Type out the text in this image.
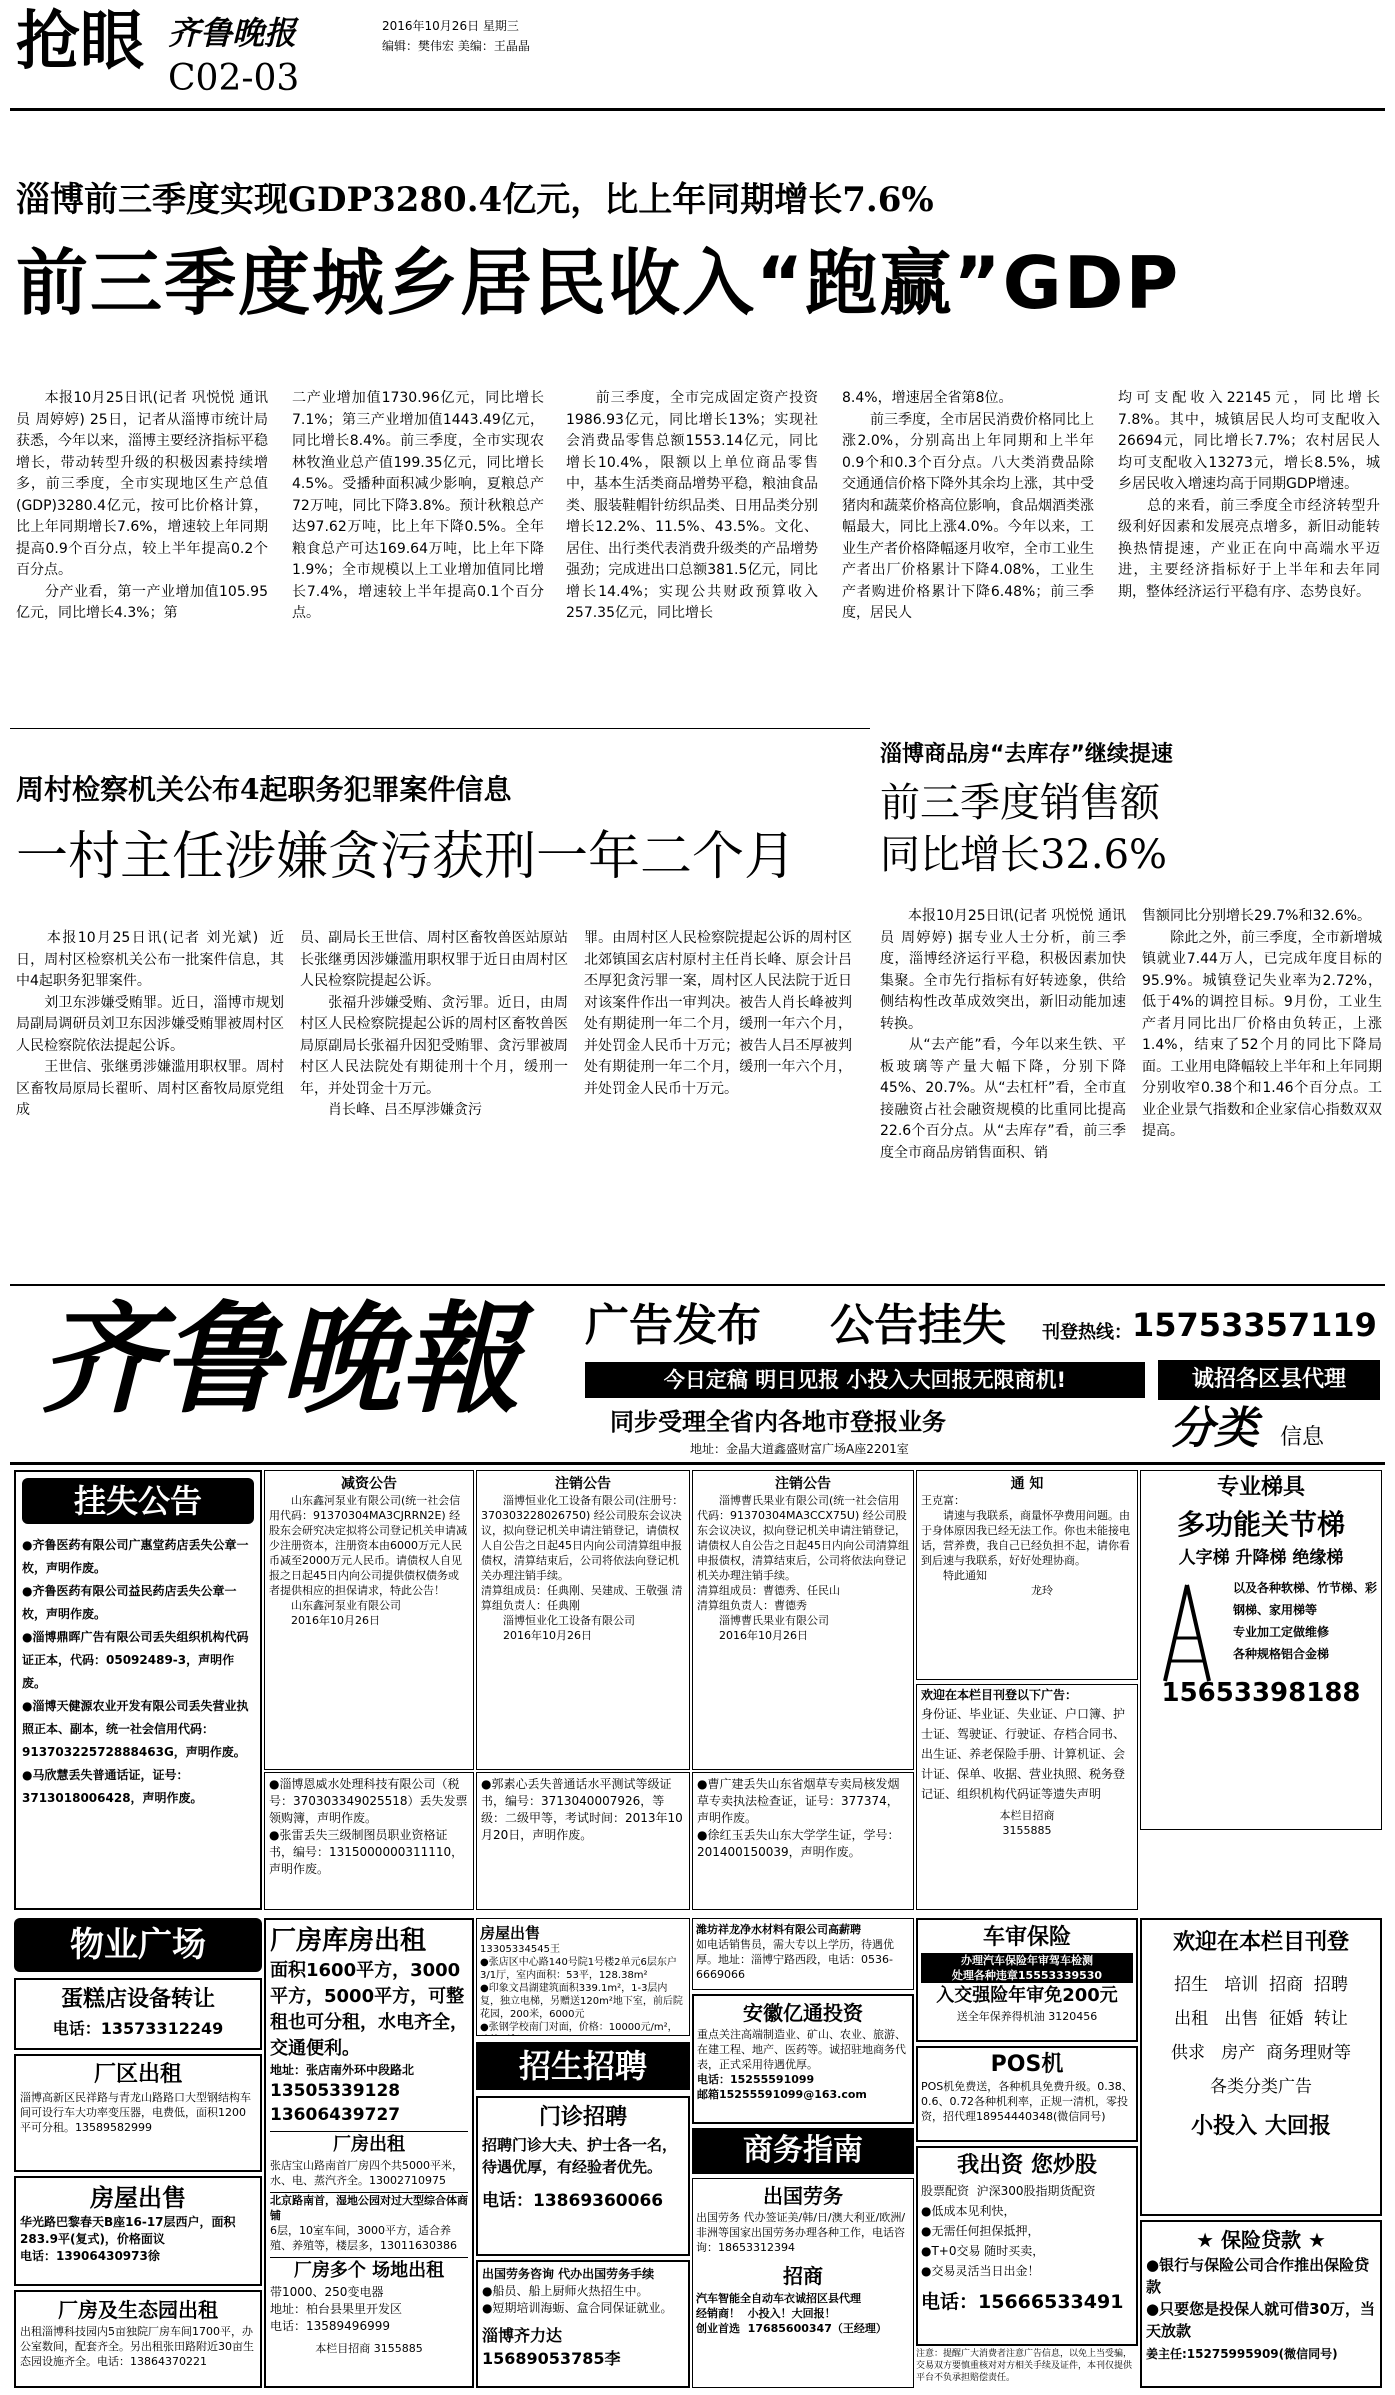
抢眼 齐鲁晚报	2016年10月26日 星期三
编辑：樊伟宏 美编：王晶晶
C02-03
淄博前三季度实现GDP3280.4亿元，比上年同期增长7.6%
前三季度城乡居民收入“跑赢”GDP
　　本报10月25日讯(记者 巩悦悦 通讯员 周婷婷) 25日，记者从淄博市统计局获悉，今年以来，淄博主要经济指标平稳增长，带动转型升级的积极因素持续增多，前三季度，全市实现地区生产总值(GDP)3280.4亿元，按可比价格计算，比上年同期增长7.6%，增速较上年同期提高0.9个百分点，较上半年提高0.2个百分点。
　　分产业看，第一产业增加值105.95亿元，同比增长4.3%；第
二产业增加值1730.96亿元，同比增长7.1%；第三产业增加值1443.49亿元，同比增长8.4%。前三季度，全市实现农林牧渔业总产值199.35亿元，同比增长4.5%。受播种面积减少影响，夏粮总产72万吨，同比下降3.8%。预计秋粮总产达97.62万吨，比上年下降0.5%。全年粮食总产可达169.64万吨，比上年下降1.9%；全市规模以上工业增加值同比增长7.4%，增速较上半年提高0.1个百分点。
　　前三季度，全市完成固定资产投资1986.93亿元，同比增长13%；实现社会消费品零售总额1553.14亿元，同比增长10.4%，限额以上单位商品零售中，基本生活类商品增势平稳，粮油食品类、服装鞋帽针纺织品类、日用品类分别增长12.2%、11.5%、43.5%。文化、居住、出行类代表消费升级类的产品增势强劲；完成进出口总额381.5亿元，同比增长14.4%；实现公共财政预算收入257.35亿元，同比增长
8.4%，增速居全省第8位。
　　前三季度，全市居民消费价格同比上涨2.0%，分别高出上年同期和上半年0.9个和0.3个百分点。八大类消费品除交通通信价格下降外其余均上涨，其中受猪肉和蔬菜价格高位影响，食品烟酒类涨幅最大，同比上涨4.0%。今年以来，工业生产者价格降幅逐月收窄，全市工业生产者出厂价格累计下降4.08%，工业生产者购进价格累计下降6.48%；前三季度，居民人
均可支配收入22145元，同比增长7.8%。其中，城镇居民人均可支配收入26694元，同比增长7.7%；农村居民人均可支配收入13273元，增长8.5%，城乡居民收入增速均高于同期GDP增速。
　　总的来看，前三季度全市经济转型升级利好因素和发展亮点增多，新旧动能转换热情提速，产业正在向中高端水平迈进，主要经济指标好于上半年和去年同期，整体经济运行平稳有序、态势良好。
周村检察机关公布4起职务犯罪案件信息
一村主任涉嫌贪污获刑一年二个月
　　本报10月25日讯(记者 刘光斌)  近日，周村区检察机关公布一批案件信息，其中4起职务犯罪案件。
　　刘卫东涉嫌受贿罪。近日，淄博市规划局副局调研员刘卫东因涉嫌受贿罪被周村区人民检察院依法提起公诉。
　　王世信、张继勇涉嫌滥用职权罪。周村区畜牧局原局长翟昕、周村区畜牧局原党组成
员、副局长王世信、周村区畜牧兽医站原站长张继勇因涉嫌滥用职权罪于近日由周村区人民检察院提起公诉。
　　张福升涉嫌受贿、贪污罪。近日，由周村区人民检察院提起公诉的周村区畜牧兽医局原副局长张福升因犯受贿罪、贪污罪被周村区人民法院处有期徒刑十个月，缓刑一年，并处罚金十万元。
　　肖长峰、吕丕厚涉嫌贪污
罪。由周村区人民检察院提起公诉的周村区北郊镇国玄店村原村主任肖长峰、原会计吕丕厚犯贪污罪一案，周村区人民法院于近日对该案件作出一审判决。被告人肖长峰被判处有期徒刑一年二个月，缓刑一年六个月，并处罚金人民币十万元；被告人吕丕厚被判处有期徒刑一年二个月，缓刑一年六个月，并处罚金人民币十万元。
淄博商品房“去库存”继续提速
前三季度销售额
同比增长32.6%
　　本报10月25日讯(记者 巩悦悦 通讯员 周婷婷) 据专业人士分析，前三季度，淄博经济运行平稳，积极因素加快集聚。全市先行指标有好转迹象，供给侧结构性改革成效突出，新旧动能加速转换。
　　从“去产能”看，今年以来生铁、平板玻璃等产量大幅下降，分别下降45%、20.7%。从“去杠杆”看，全市直接融资占社会融资规模的比重同比提高22.6个百分点。从“去库存”看，前三季度全市商品房销售面积、销
售额同比分别增长29.7%和32.6%。
　　除此之外，前三季度，全市新增城镇就业7.44万人，已完成年度目标的95.9%。城镇登记失业率为2.72%，低于4%的调控目标。9月份，工业生产者月同比出厂价格由负转正，上涨1.4%，结束了52个月的同比下降局面。工业用电降幅较上半年和上年同期分别收窄0.38个和1.46个百分点。工业企业景气指数和企业家信心指数双双提高。
齐鲁晚報 广告发布 公告挂失 刊登热线： 15753357119
今日定稿 明日见报 小投入大回报无限商机!
同步受理全省内各地市登报业务
地址：金晶大道鑫盛财富广场A座2201室
诚招各区县代理
分类 信息
挂失公告
●齐鲁医药有限公司广惠堂药店丢失公章一枚，声明作废。
●齐鲁医药有限公司益民药店丢失公章一枚，声明作废。
●淄博鼎晖广告有限公司丢失组织机构代码证正本，代码：05092489-3，声明作废。
●淄博天健源农业开发有限公司丢失营业执照正本、副本，统一社会信用代码：91370322572888463G，声明作废。
●马欣慧丢失普通话证，证号：3713018006428，声明作废。
减资公告
　　山东鑫河泵业有限公司(统一社会信用代码：91370304MA3CJRRN2E) 经股东会研究决定拟将公司登记机关申请减少注册资本，注册资本由6000万元人民币减至2000万元人民币。请债权人自见报之日起45日内向公司提供债权债务或者提供相应的担保请求，特此公告！
　　山东鑫河泵业有限公司
　　2016年10月26日
注销公告
　　淄博恒业化工设备有限公司(注册号：370303228026750) 经公司股东会议决议，拟向登记机关申请注销登记，请债权人自公告之日起45日内向公司清算组申报债权，清算结束后，公司将依法向登记机关办理注销手续。
清算组成员：任典刚、吴建成、王敬强 清算组负责人：任典刚
　　淄博恒业化工设备有限公司
　　2016年10月26日
注销公告
　　淄博曹氏果业有限公司(统一社会信用代码：91370304MA3CCX75U) 经公司股东会议决议，拟向登记机关申请注销登记，请债权人自公告之日起45日内向公司清算组申报债权，清算结束后，公司将依法向登记机关办理注销手续。
清算组成员：曹德秀、任民山
清算组负责人：曹德秀
　　淄博曹氏果业有限公司
　　2016年10月26日
通 知
王克富：
　　请速与我联系，商量怀孕费用问题。由于身体原因我已经无法工作。你也未能接电话，营养费，我自己已经负担不起，请你看到后速与我联系，好好处理协商。
　　特此通知
　　　　　　　　　　龙玲
欢迎在本栏目刊登以下广告：
身份证、毕业证、失业证、户口簿、护士证、驾驶证、行驶证、存档合同书、出生证、养老保险手册、计算机证、会计证、保单、收据、营业执照、税务登记证、组织机构代码证等遗失声明
本栏目招商
3155885
专业梯具
多功能关节梯
人字梯 升降梯 绝缘梯
以及各种软梯、竹节梯、彩钢梯、家用梯等
专业加工定做维修
各种规格铝合金梯
15653398188
●淄博恩威水处理科技有限公司（税号：370303349025518）丢失发票领购簿，声明作废。
●张雷丢失三级制图员职业资格证书，编号：1315000000311110，声明作废。
●郭素心丢失普通话水平测试等级证书，编号：3713040007926，等级：二级甲等，考试时间：2013年10月20日，声明作废。
●曹广建丢失山东省烟草专卖局核发烟草专卖执法检查证，证号：377374，声明作废。
●徐红玉丢失山东大学学生证，学号：201400150039，声明作废。
物业广场
蛋糕店设备转让
电话：13573312249
厂区出租
淄博高新区民祥路与青龙山路路口大型钢结构车间可设行车大功率变压器，电费低，面积1200平可分租。13589582999
房屋出售
华光路巴黎春天B座16-17层西户，面积283.9平(复式)，价格面议
电话：13906430973徐
厂房及生态园出租
出租淄博科技园内5亩独院厂房车间1700平，办公室数间，配套齐全。另出租张田路附近30亩生态园设施齐全。电话：13864370221
厂房库房出租
面积1600平方，3000平方，5000平方，可整租也可分租，水电齐全，交通便利。
地址：张店南外环中段路北
13505339128
13606439727
厂房出租
张店宝山路南首厂房四个共5000平米，水、电、蒸汽齐全。13002710975
北京路南首，湿地公园对过大型综合体商铺
6层，10室车间，3000平方，适合养殖、养殖等，楼层多，13011630386
厂房多个 场地出租
带1000、250变电器
地址：柏台县果里开发区
电话：13589496999
本栏目招商 3155885
房屋出售
13305334545王
●张店区中心路140号院1号楼2单元6层东户3/1厅，室内面积：53平，128.38m²
●印象文昌湖建筑面积339.1m²，1-3层内复，独立电梯，另赠送120m²地下室，前后院花园，200米，6000元
●张钢学校南门对面，价格：10000元/m²，

招生招聘
门诊招聘
招聘门诊大夫、护士各一名，待遇优厚，有经验者优先。
电话：13869360066
出国劳务咨询 代办出国劳务手续
●船员、船上厨师火热招生中。
●短期培训海蛎、盒合同保证就业。
淄博齐力达 15689053785李
潍坊祥龙净水材料有限公司高薪聘
如电话销售员，需大专以上学历，待遇优厚。地址：淄博宁路西段，电话：0536-6669066
安徽亿通投资
重点关注高端制造业、矿山、农业、旅游、在建工程、地产、医药等。诚招驻地商务代表，正式采用待遇优厚。
电话：15255591099
邮箱15255591099@163.com
商务指南
出国劳务
出国劳务 代办签证美/韩/日/澳大利亚/欧洲/非洲等国家出国劳务办理各种工作，电话咨询：18653312394
招商
汽车智能全自动车衣诚招区县代理
经销商！  小投入！大回报！
创业首选  17685600347（王经理）
车审保险
办理汽车保险年审驾车检测
处理各种违章15553339530
入交强险年审免200元
送全年保养得机油 3120456
POS机
POS机免费送，各种机具免费升级。0.38、0.6、0.72各种机利率，正规一清机，零投资，招代理18954440348(微信同号)
我出资 您炒股
股票配资  沪深300股指期货配资
●低成本见利快，
●无需任何担保抵押，
●T+0交易 随时买卖，
●交易灵活当日出金！
电话：15666533491
注意：提醒广大消费者注意广告信息，以免上当受骗，交易双方要慎重核对对方相关手续及证件，本刊仅提供平台不负承担赔偿责任。
欢迎在本栏目刊登
招生   培训  招商  招聘
出租   出售  征婚  转让
供求   房产  商务理财等
各类分类广告
小投入 大回报
★ 保险贷款 ★
●银行与保险公司合作推出保险贷款
●只要您是投保人就可借30万，当天放款
姜主任:15275995909(微信同号)
